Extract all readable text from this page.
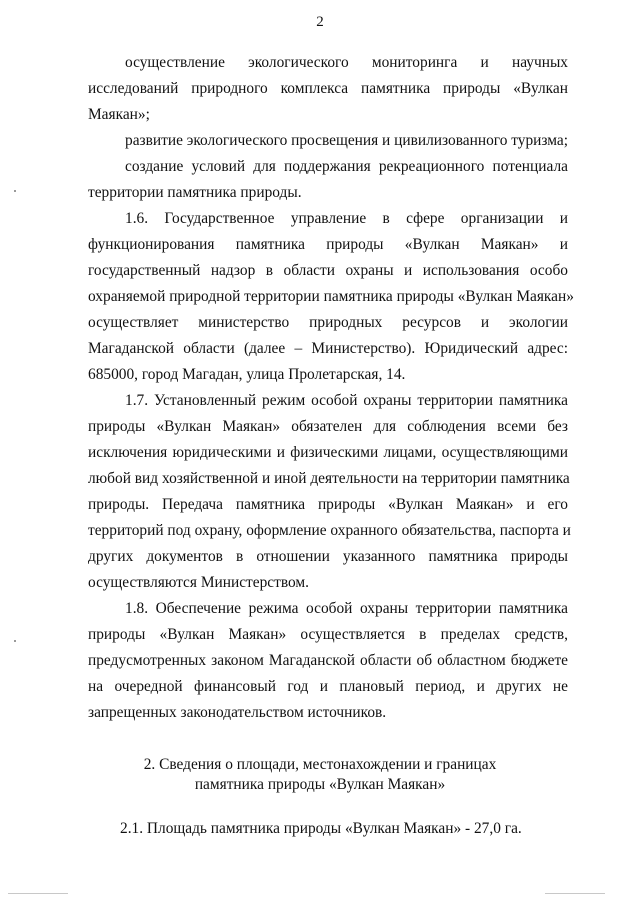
2
осуществление экологического мониторинга и научных
исследований природного комплекса памятника природы «Вулкан
Маякан»;
развитие экологического просвещения и цивилизованного туризма;
создание условий для поддержания рекреационного потенциала
территории памятника природы.
1.6. Государственное управление в сфере организации и
функционирования памятника природы «Вулкан Маякан» и
государственный надзор в области охраны и использования особо
охраняемой природной территории памятника природы «Вулкан Маякан»
осуществляет министерство природных ресурсов и экологии
Магаданской области (далее – Министерство). Юридический адрес:
685000, город Магадан, улица Пролетарская, 14.
1.7. Установленный режим особой охраны территории памятника
природы «Вулкан Маякан» обязателен для соблюдения всеми без
исключения юридическими и физическими лицами, осуществляющими
любой вид хозяйственной и иной деятельности на территории памятника
природы. Передача памятника природы «Вулкан Маякан» и его
территорий под охрану, оформление охранного обязательства, паспорта и
других документов в отношении указанного памятника природы
осуществляются Министерством.
1.8. Обеспечение режима особой охраны территории памятника
природы «Вулкан Маякан» осуществляется в пределах средств,
предусмотренных законом Магаданской области об областном бюджете
на очередной финансовый год и плановый период, и других не
запрещенных законодательством источников.
2. Сведения о площади, местонахождении и границах
памятника природы «Вулкан Маякан»
2.1. Площадь памятника природы «Вулкан Маякан» - 27,0 га.
